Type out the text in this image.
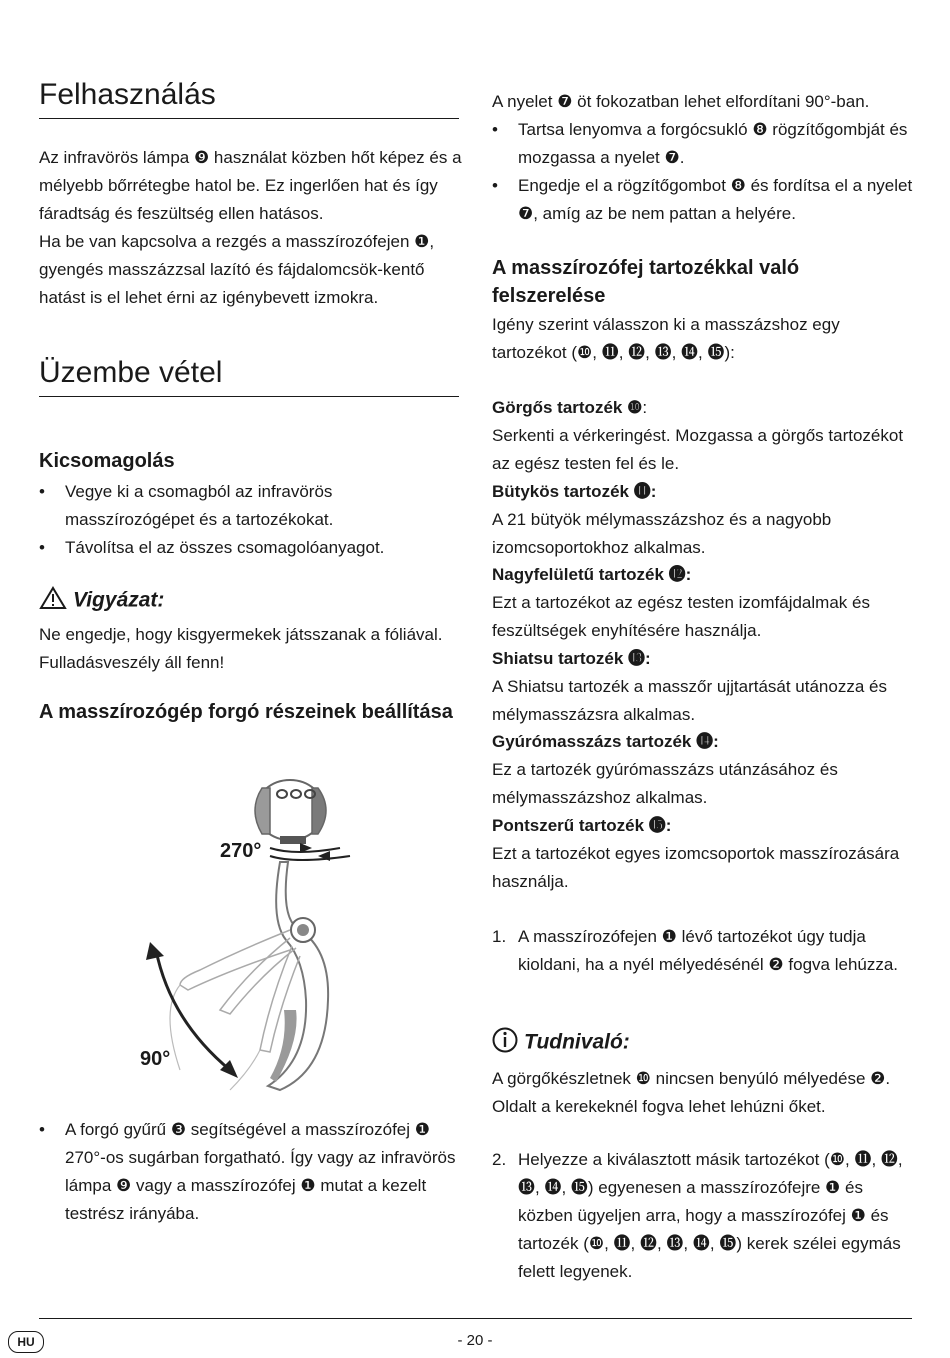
Felhasználás

Az infravörös lámpa ❾ használat közben hőt képez és a mélyebb bőrrétegbe hatol be. Ez ingerlően hat és így fáradtság és feszültség ellen hatásos.

Ha be van kapcsolva a rezgés a masszírozófejen ❶, gyengés masszázzsal lazító és fájdalomcsök-kentő hatást is el lehet érni az igénybevett izmokra.

Üzembe vétel
Kicsomagolás
•	Vegye ki a csomagból az infravörös masszírozógépet és a tartozékokat.
•	Távolítsa el az összes csomagolóanyagot.
Vigyázat:

Ne engedje, hogy kisgyermekek játsszanak a fóliával. Fulladásveszély áll fenn!

A masszírozógép forgó részeinek beállítása
•	A forgó gyűrű ❸ segítségével a masszírozófej ❶ 270°-os sugárban forgatható. Így vagy az infravörös lámpa ❾ vagy a masszírozófej ❶ mutat a kezelt testrész irányába.
270°
90°

A nyelet ❼ öt fokozatban lehet elfordítani 90°-ban.

•	Tartsa lenyomva a forgócsukló ❽ rögzítőgombját és mozgassa a nyelet ❼.
•	Engedje el a rögzítőgombot ❽ és fordítsa el a nyelet ❼, amíg az be nem pattan a helyére.
A masszírozófej tartozékkal való felszerelése

Igény szerint válasszon ki a masszázshoz egy tartozékot (❿, ⓫, ⓬, ⓭, ⓮, ⓯):

Görgős tartozék ❿:

Serkenti a vérkeringést. Mozgassa a görgős tartozékot az egész testen fel és le.

Bütykös tartozék ⓫:

A 21 bütyök mélymasszázshoz és a nagyobb izomcsoportokhoz alkalmas.

Nagyfelületű tartozék ⓬:

Ezt a tartozékot az egész testen izomfájdalmak és feszültségek enyhítésére használja.

Shiatsu tartozék ⓭:

A Shiatsu tartozék a masszőr ujjtartását utánozza és mélymasszázsra alkalmas.

Gyúrómasszázs tartozék ⓮:

Ez a tartozék gyúrómasszázs utánzásához és mélymasszázshoz alkalmas.

Pontszerű tartozék ⓯:

Ezt a tartozékot egyes izomcsoportok masszírozására használja.

1. A masszírozófejen ❶ lévő tartozékot úgy tudja kioldani, ha a nyél mélyedésénél ❷ fogva lehúzza.
Tudnivaló:

A görgőkészletnek ❿ nincsen benyúló mélyedése ❷. Oldalt a kerekeknél fogva lehet lehúzni őket.

2. Helyezze a kiválasztott másik tartozékot (❿, ⓫, ⓬, ⓭, ⓮, ⓯) egyenesen a masszírozófejre ❶ és közben ügyeljen arra, hogy a masszírozófej ❶ és tartozék (❿, ⓫, ⓬, ⓭, ⓮, ⓯) kerek szélei egymás felett legyenek.
HU	- 20 -
